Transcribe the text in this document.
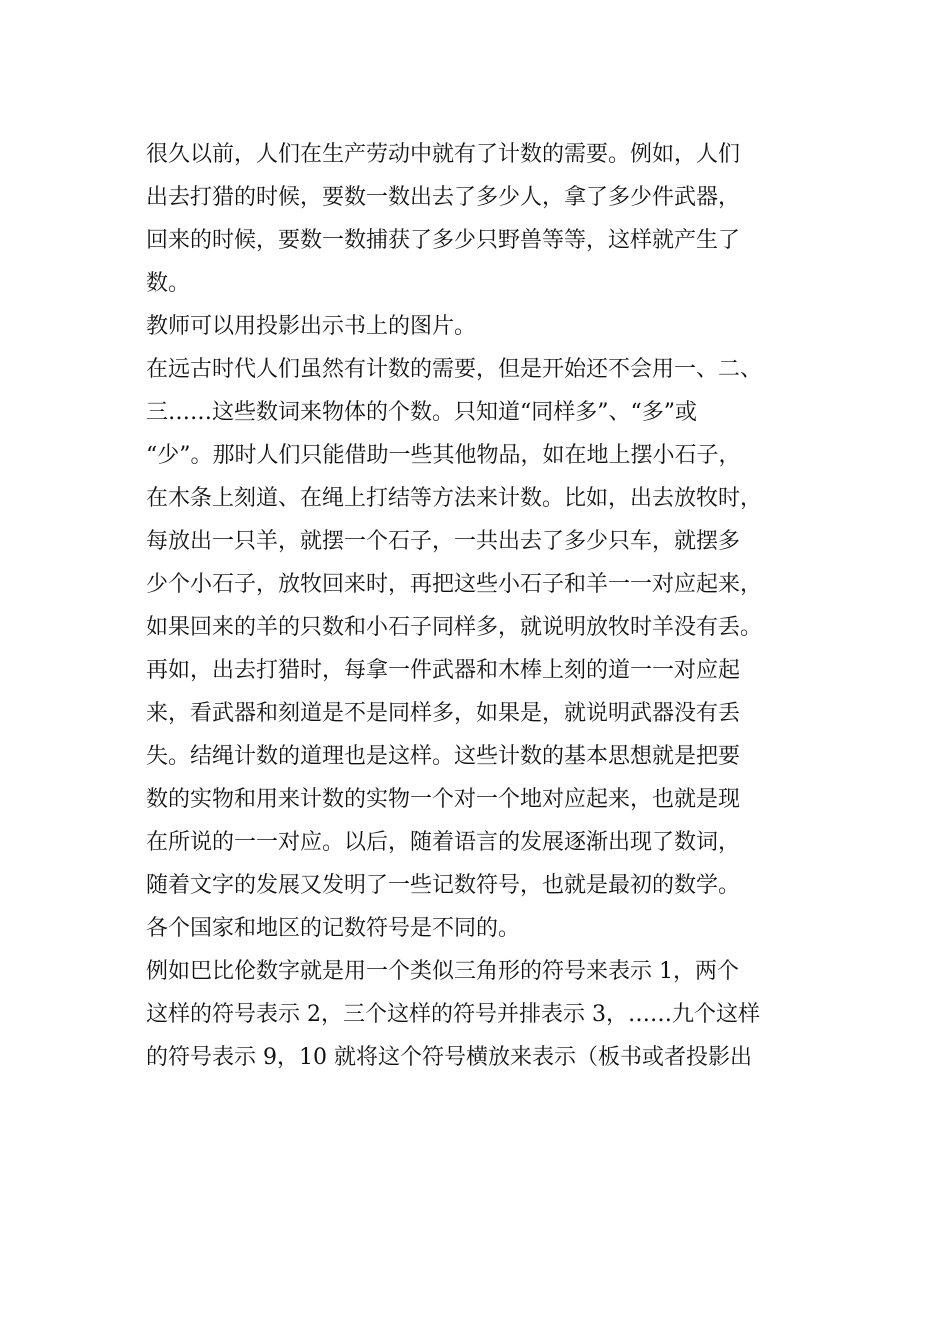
很久以前，人们在生产劳动中就有了计数的需要。例如，人们
出去打猎的时候，要数一数出去了多少人，拿了多少件武器，
回来的时候，要数一数捕获了多少只野兽等等，这样就产生了
数。
教师可以用投影出示书上的图片。
在远古时代人们虽然有计数的需要，但是开始还不会用一、二、
三……这些数词来物体的个数。只知道“同样多”、“多”或
“少”。那时人们只能借助一些其他物品，如在地上摆小石子，
在木条上刻道、在绳上打结等方法来计数。比如，出去放牧时，
每放出一只羊，就摆一个石子，一共出去了多少只车，就摆多
少个小石子，放牧回来时，再把这些小石子和羊一一对应起来，
如果回来的羊的只数和小石子同样多，就说明放牧时羊没有丢。
再如，出去打猎时，每拿一件武器和木棒上刻的道一一对应起
来，看武器和刻道是不是同样多，如果是，就说明武器没有丢
失。结绳计数的道理也是这样。这些计数的基本思想就是把要
数的实物和用来计数的实物一个对一个地对应起来，也就是现
在所说的一一对应。以后，随着语言的发展逐渐出现了数词，
随着文字的发展又发明了一些记数符号，也就是最初的数学。
各个国家和地区的记数符号是不同的。
例如巴比伦数字就是用一个类似三角形的符号来表示 1，两个
这样的符号表示 2，三个这样的符号并排表示 3，……九个这样
的符号表示 9，10 就将这个符号横放来表示（板书或者投影出
